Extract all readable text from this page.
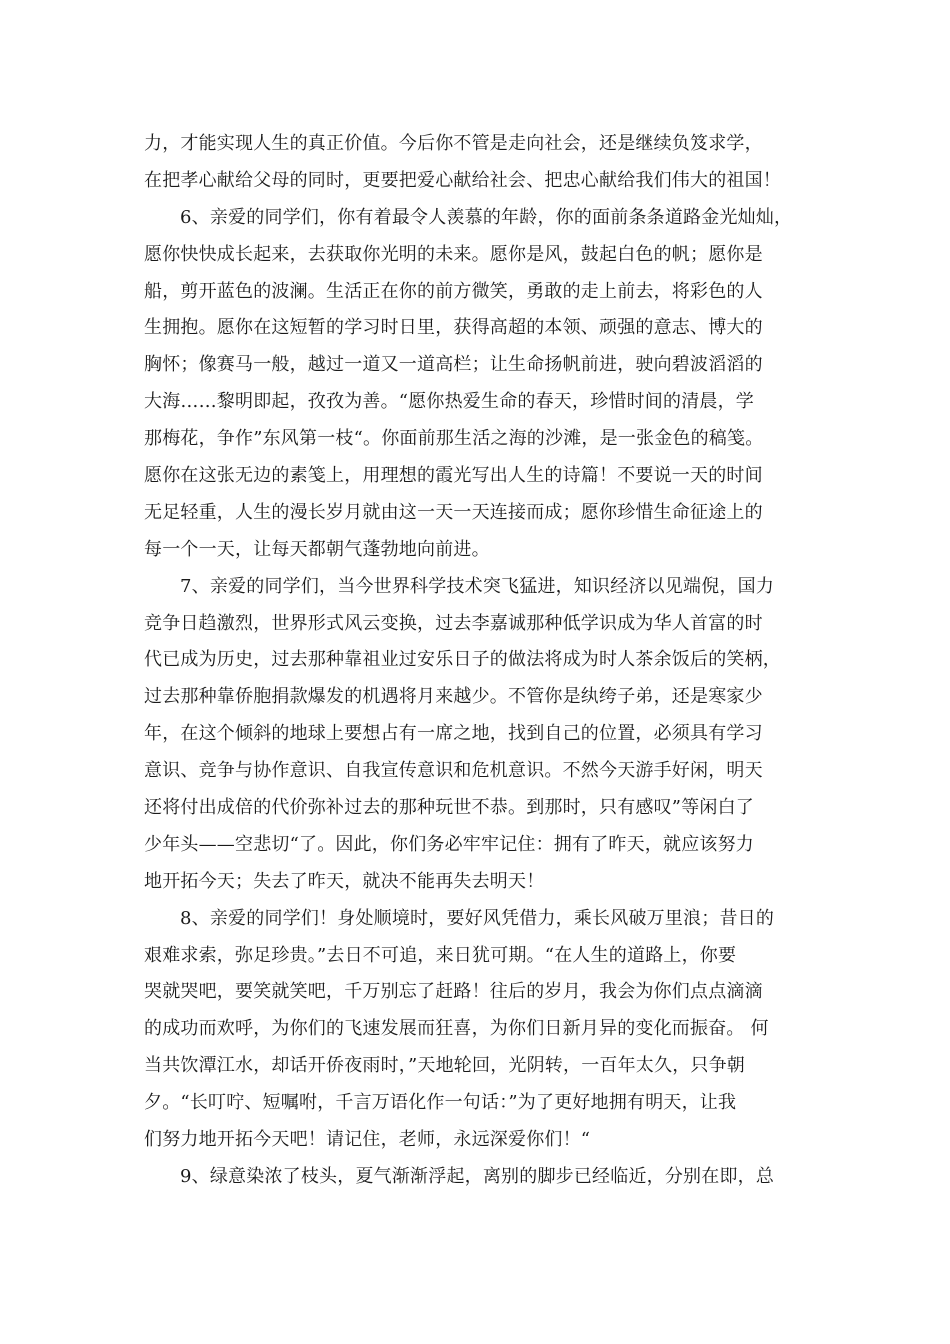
力，才能实现人生的真正价值。今后你不管是走向社会，还是继续负笈求学，
在把孝心献给父母的同时，更要把爱心献给社会、把忠心献给我们伟大的祖国！
6、亲爱的同学们，你有着最令人羡慕的年龄，你的面前条条道路金光灿灿，
愿你快快成长起来，去获取你光明的未来。愿你是风，鼓起白色的帆；愿你是
船，剪开蓝色的波澜。生活正在你的前方微笑，勇敢的走上前去，将彩色的人
生拥抱。愿你在这短暂的学习时日里，获得高超的本领、顽强的意志、博大的
胸怀；像赛马一般，越过一道又一道高栏；让生命扬帆前进，驶向碧波滔滔的
大海……黎明即起，孜孜为善。“愿你热爱生命的春天，珍惜时间的清晨，学
那梅花，争作”东风第一枝“。你面前那生活之海的沙滩，是一张金色的稿笺。
愿你在这张无边的素笺上，用理想的霞光写出人生的诗篇！不要说一天的时间
无足轻重，人生的漫长岁月就由这一天一天连接而成；愿你珍惜生命征途上的
每一个一天，让每天都朝气蓬勃地向前进。
7、亲爱的同学们，当今世界科学技术突飞猛进，知识经济以见端倪，国力
竞争日趋激烈，世界形式风云变换，过去李嘉诚那种低学识成为华人首富的时
代已成为历史，过去那种靠祖业过安乐日子的做法将成为时人茶余饭后的笑柄，
过去那种靠侨胞捐款爆发的机遇将月来越少。不管你是纨绔子弟，还是寒家少
年，在这个倾斜的地球上要想占有一席之地，找到自己的位置，必须具有学习
意识、竞争与协作意识、自我宣传意识和危机意识。不然今天游手好闲，明天
还将付出成倍的代价弥补过去的那种玩世不恭。到那时，只有感叹”等闲白了
少年头——空悲切“了。因此，你们务必牢牢记住：拥有了昨天，就应该努力
地开拓今天；失去了昨天，就决不能再失去明天！
8、亲爱的同学们！身处顺境时，要好风凭借力，乘长风破万里浪；昔日的
艰难求索，弥足珍贵。”去日不可追，来日犹可期。“在人生的道路上，你要
哭就哭吧，要笑就笑吧，千万别忘了赶路！往后的岁月，我会为你们点点滴滴
的成功而欢呼，为你们的飞速发展而狂喜，为你们日新月异的变化而振奋。 何
当共饮潭江水，却话开侨夜雨时，”天地轮回，光阴转，一百年太久，只争朝
夕。“长叮咛、短嘱咐，千言万语化作一句话：”为了更好地拥有明天，让我
们努力地开拓今天吧！请记住，老师，永远深爱你们！“
9、绿意染浓了枝头，夏气渐渐浮起，离别的脚步已经临近，分别在即，总
